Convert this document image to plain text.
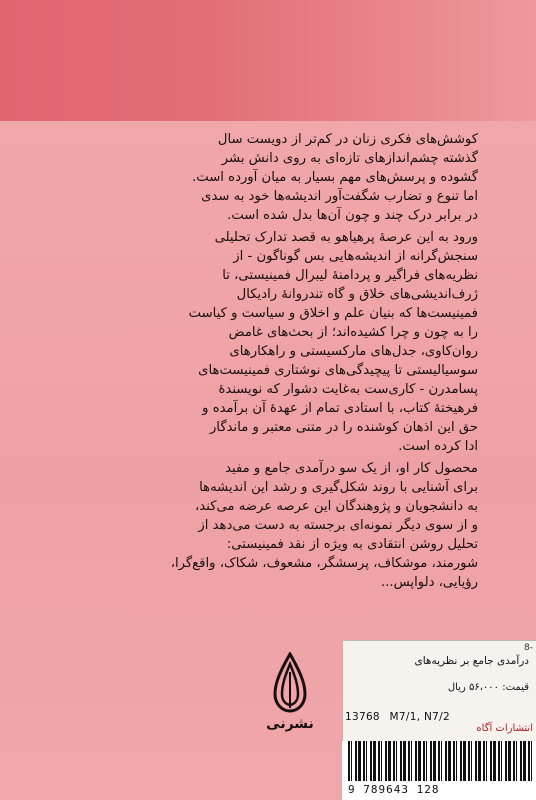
کوشش‌های فکری زنان در کم‌تر از دویست سال
گذشته چشم‌اندازهای تازه‌ای به روی دانش بشر
گشوده و پرسش‌های مهم بسیار به میان آورده است.
اما تنوع و تضارب شگفت‌آور اندیشه‌ها خود به سدی
در برابر درک چند و چون آن‌ها بدل شده است.

ورود به این عرصهٔ پرهیاهو به قصد تدارک تحلیلی
سنجش‌گرانه از اندیشه‌هایی بس گوناگون - از
نظریه‌های فراگیر و پردامنهٔ لیبرال فمینیستی، تا
ژرف‌اندیشی‌های خلاق و گاه تندروانهٔ رادیکال
فمینیست‌ها که بنیان علم و اخلاق و سیاست و کیاست
را به چون و چرا کشیده‌اند؛ از بحث‌های غامض
روان‌کاوی، جدل‌های مارکسیستی و راهکارهای
سوسیالیستی تا پیچیدگی‌های نوشتاری فمینیست‌های
پسامدرن - کاری‌ست به‌غایت دشوار که نویسندهٔ
فرهیختهٔ کتاب، با استادی تمام از عهدهٔ آن برآمده و
حق این اذهان کوشنده را در متنی معتبر و ماندگار
ادا کرده است.

محصول کار او، از یک سو درآمدی جامع و مفید
برای آشنایی با روند شکل‌گیری و رشد این اندیشه‌ها
به دانشجویان و پژوهندگان این عرصه عرضه می‌کند،
و از سوی دیگر نمونه‌ای برجسته به دست می‌دهد از
تحلیل روشن انتقادی به ویژه از نقد فمینیستی:
شورمند، موشکاف، پرسشگر، مشعوف، شکاک، واقع‌گرا،
رؤیایی، دلواپس...

نشرنی
8-
درآمدی جامع بر نظریه‌های
قیمت: ۵۶،۰۰۰ ریال
13768 M7/1, N7/2
انتشارات آگاه
9 789643 128
